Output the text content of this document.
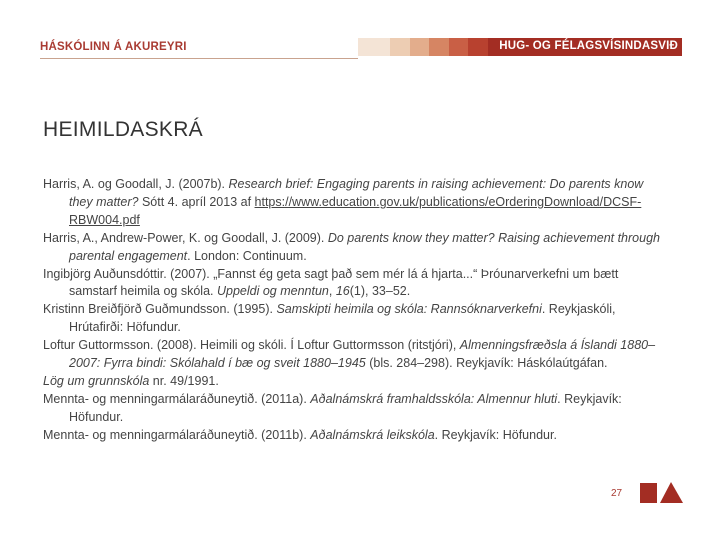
HÁSKÓLINN Á AKUREYRI	HUG- OG FÉLAGSVÍSINDASVIÐ
HEIMILDASKRÁ
Harris, A. og Goodall, J. (2007b). Research brief: Engaging parents in raising achievement: Do parents know they matter? Sótt 4. apríl 2013 af https://www.education.gov.uk/publications/eOrderingDownload/DCSF-RBW004.pdf
Harris, A., Andrew-Power, K. og Goodall, J. (2009). Do parents know they matter? Raising achievement through parental engagement. London: Continuum.
Ingibjörg Auðunsdóttir. (2007). „Fannst ég geta sagt það sem mér lá á hjarta...“ Þróunarverkefni um bætt samstarf heimila og skóla. Uppeldi og menntun, 16(1), 33–52.
Kristinn Breiðfjörð Guðmundsson. (1995). Samskipti heimila og skóla: Rannsóknarverkefni. Reykjaskóli, Hrútafirði: Höfundur.
Loftur Guttormsson. (2008). Heimili og skóli. Í Loftur Guttormsson (ritstjóri), Almenningsfræðsla á Íslandi 1880–2007: Fyrra bindi: Skólahald í bæ og sveit 1880–1945 (bls. 284–298). Reykjavík: Háskólaútgáfan.
Lög um grunnskóla nr. 49/1991.
Mennta- og menningarmálaráðuneytið. (2011a). Aðalnámskrá framhaldsskóla: Almennur hluti. Reykjavík: Höfundur.
Mennta- og menningarmálaráðuneytið. (2011b). Aðalnámskrá leikskóla. Reykjavík: Höfundur.
27
